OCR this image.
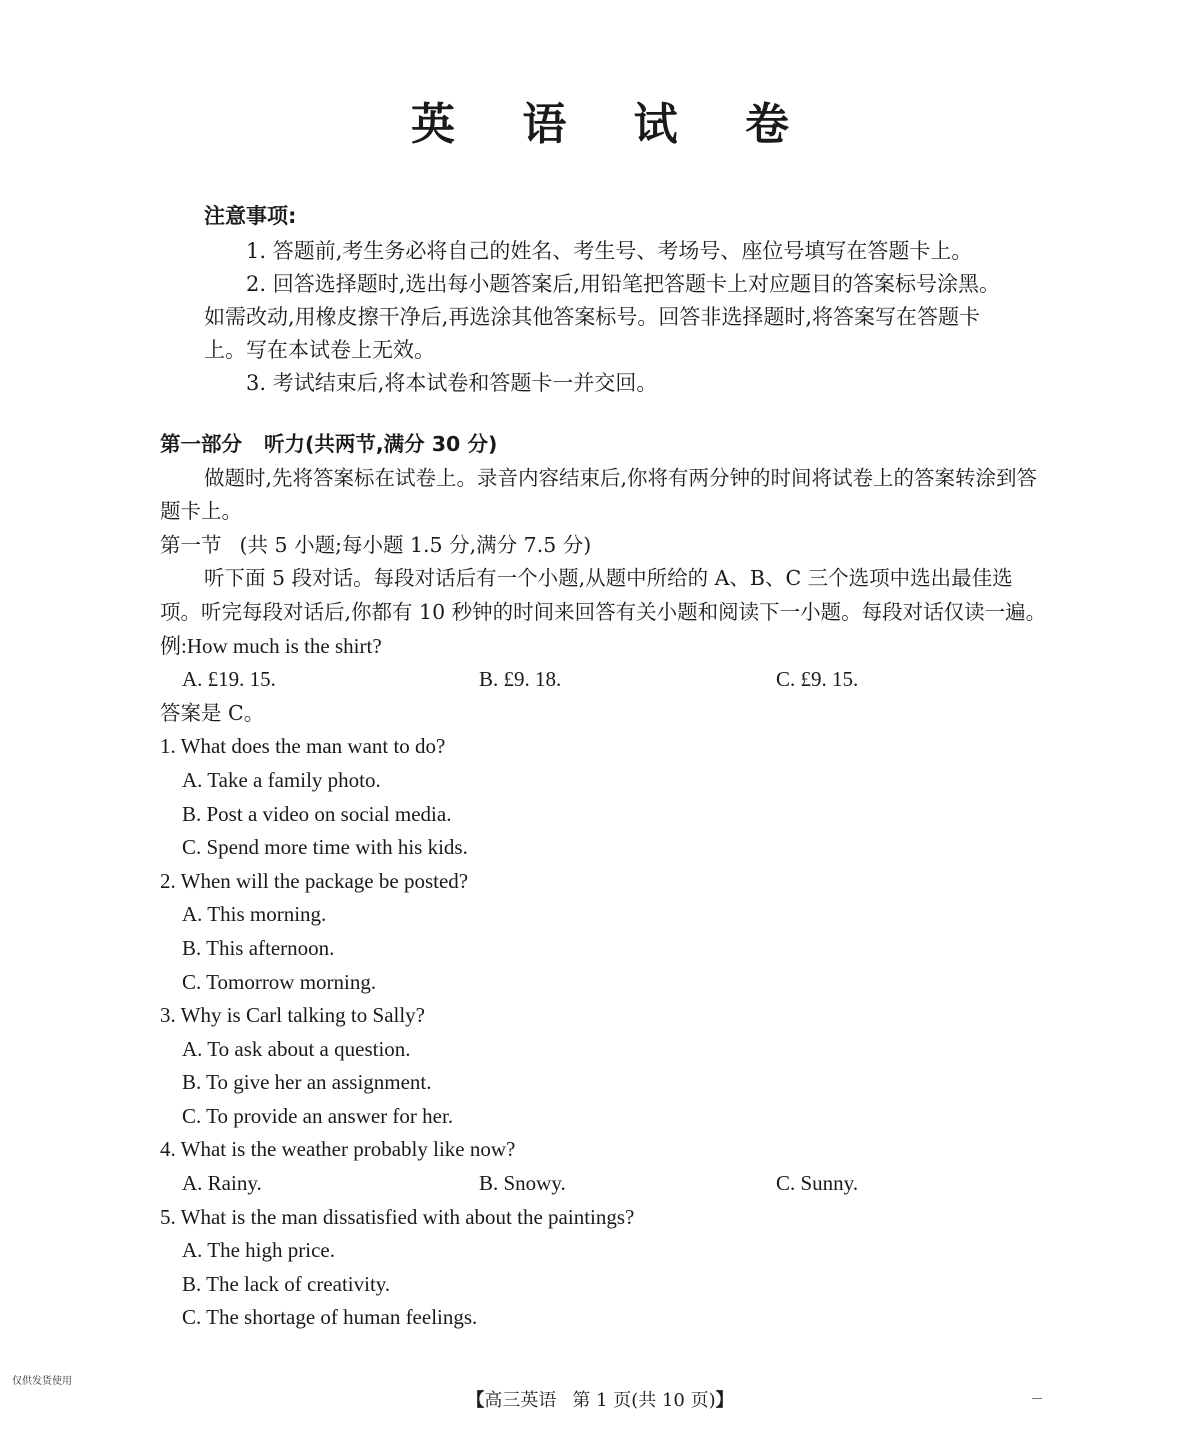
英 语 试 卷
注意事项:
1. 答题前,考生务必将自己的姓名、考生号、考场号、座位号填写在答题卡上。
2. 回答选择题时,选出每小题答案后,用铅笔把答题卡上对应题目的答案标号涂黑。如需改动,用橡皮擦干净后,再选涂其他答案标号。回答非选择题时,将答案写在答题卡上。写在本试卷上无效。
3. 考试结束后,将本试卷和答题卡一并交回。
第一部分 听力(共两节,满分 30 分)
做题时,先将答案标在试卷上。录音内容结束后,你将有两分钟的时间将试卷上的答案转涂到答题卡上。
第一节 (共 5 小题;每小题 1.5 分,满分 7.5 分)
听下面 5 段对话。每段对话后有一个小题,从题中所给的 A、B、C 三个选项中选出最佳选项。听完每段对话后,你都有 10 秒钟的时间来回答有关小题和阅读下一小题。每段对话仅读一遍。
例:How much is the shirt?
A. £19. 15.	B. £9. 18.	C. £9. 15.
答案是 C。
1. What does the man want to do?
A. Take a family photo.
B. Post a video on social media.
C. Spend more time with his kids.
2. When will the package be posted?
A. This morning.
B. This afternoon.
C. Tomorrow morning.
3. Why is Carl talking to Sally?
A. To ask about a question.
B. To give her an assignment.
C. To provide an answer for her.
4. What is the weather probably like now?
A. Rainy.	B. Snowy.	C. Sunny.
5. What is the man dissatisfied with about the paintings?
A. The high price.
B. The lack of creativity.
C. The shortage of human feelings.
仅供发货使用
【高三英语 第 1 页(共 10 页)】
